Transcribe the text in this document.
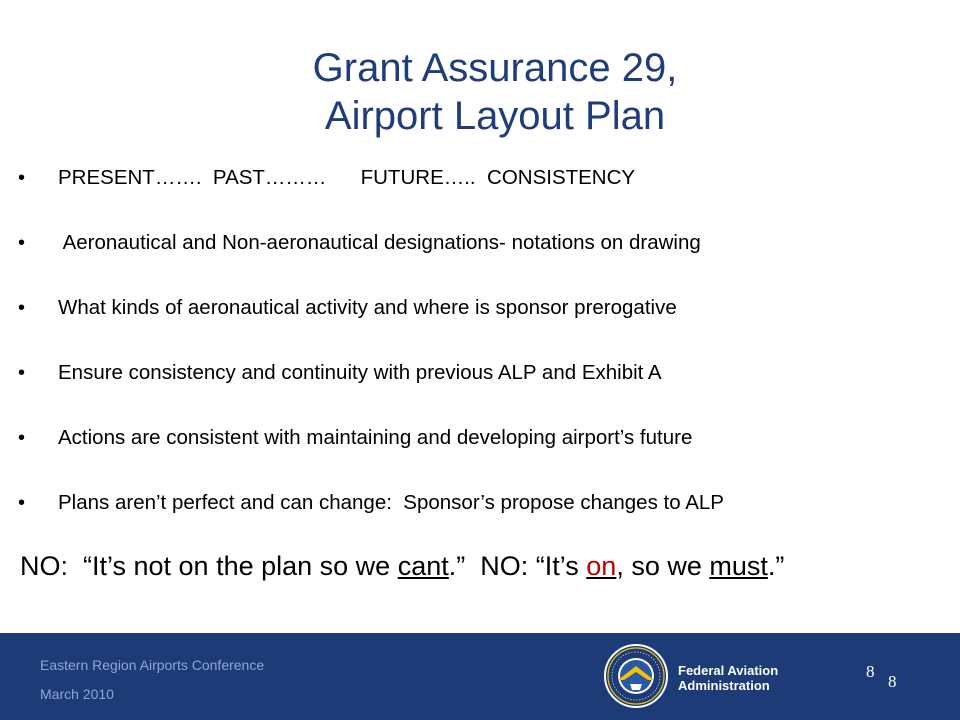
Grant Assurance 29,
Airport Layout Plan
• PRESENT…….  PAST………      FUTURE…..  CONSISTENCY
•  Aeronautical and Non-aeronautical designations- notations on drawing
• What kinds of aeronautical activity and where is sponsor prerogative
• Ensure consistency and continuity with previous ALP and Exhibit A
• Actions are consistent with maintaining and developing airport’s future
• Plans aren’t perfect and can change:  Sponsor’s propose changes to ALP
NO:  “It’s not on the plan so we cant.”  NO: “It’s on, so we must.”
Eastern Region Airports Conference
March 2010
Federal Aviation
Administration
8
8
